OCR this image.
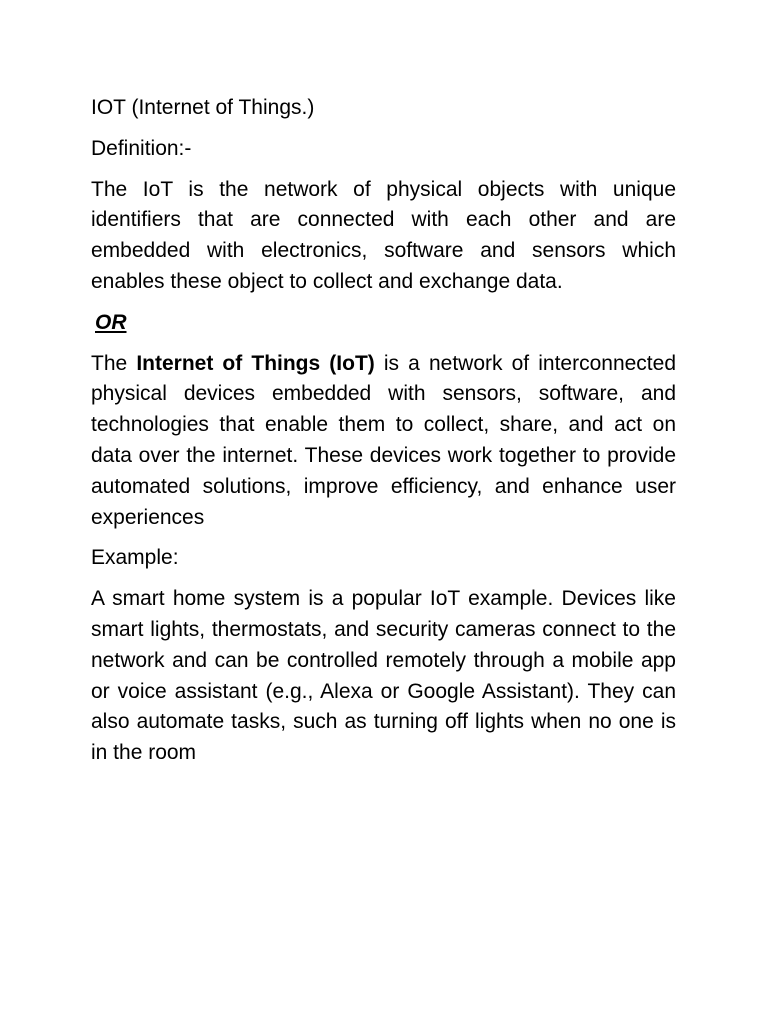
IOT (Internet of Things.)

Definition:-

The IoT is the network of physical objects with unique identifiers that are connected with each other and are embedded with electronics, software and sensors which enables these object to collect and exchange data.

OR

The Internet of Things (IoT) is a network of interconnected physical devices embedded with sensors, software, and technologies that enable them to collect, share, and act on data over the internet. These devices work together to provide automated solutions, improve efficiency, and enhance user experiences

Example:

A smart home system is a popular IoT example. Devices like smart lights, thermostats, and security cameras connect to the network and can be controlled remotely through a mobile app or voice assistant (e.g., Alexa or Google Assistant). They can also automate tasks, such as turning off lights when no one is in the room
